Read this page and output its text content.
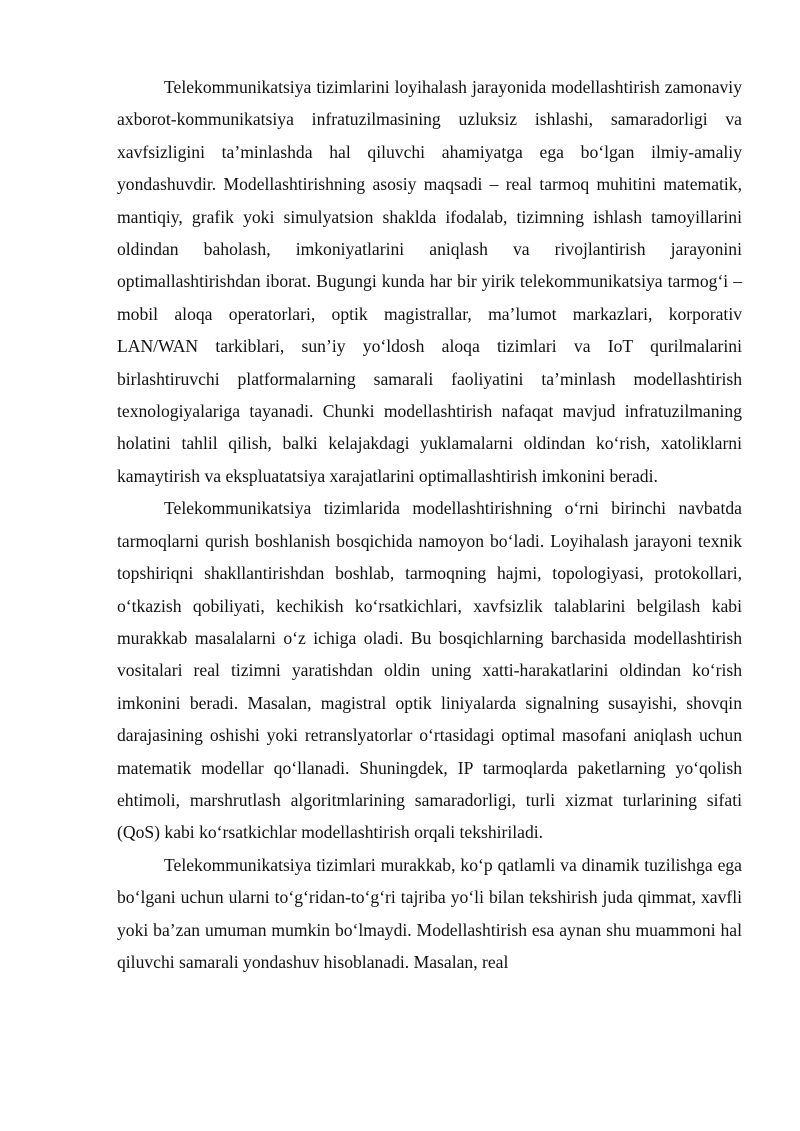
Telekommunikatsiya tizimlarini loyihalash jarayonida modellashtirish zamonaviy axborot-kommunikatsiya infratuzilmasining uzluksiz ishlashi, samaradorligi va xavfsizligini taʼminlashda hal qiluvchi ahamiyatga ega boʻlgan ilmiy-amaliy yondashuvdir. Modellashtirishning asosiy maqsadi – real tarmoq muhitini matematik, mantiqiy, grafik yoki simulyatsion shaklda ifodalab, tizimning ishlash tamoyillarini oldindan baholash, imkoniyatlarini aniqlash va rivojlantirish jarayonini optimallashtirishdan iborat. Bugungi kunda har bir yirik telekommunikatsiya tarmogʻi – mobil aloqa operatorlari, optik magistrallar, maʼlumot markazlari, korporativ LAN/WAN tarkiblari, sunʼiy yoʻldosh aloqa tizimlari va IoT qurilmalarini birlashtiruvchi platformalarning samarali faoliyatini taʼminlash modellashtirish texnologiyalariga tayanadi. Chunki modellashtirish nafaqat mavjud infratuzilmaning holatini tahlil qilish, balki kelajakdagi yuklamalarni oldindan koʻrish, xatoliklarni kamaytirish va ekspluatatsiya xarajatlarini optimallashtirish imkonini beradi.

Telekommunikatsiya tizimlarida modellashtirishning oʻrni birinchi navbatda tarmoqlarni qurish boshlanish bosqichida namoyon boʻladi. Loyihalash jarayoni texnik topshiriqni shakllantirishdan boshlab, tarmoqning hajmi, topologiyasi, protokollari, oʻtkazish qobiliyati, kechikish koʻrsatkichlari, xavfsizlik talablarini belgilash kabi murakkab masalalarni oʻz ichiga oladi. Bu bosqichlarning barchasida modellashtirish vositalari real tizimni yaratishdan oldin uning xatti-harakatlarini oldindan koʻrish imkonini beradi. Masalan, magistral optik liniyalarda signalning susayishi, shovqin darajasining oshishi yoki retranslyatorlar oʻrtasidagi optimal masofani aniqlash uchun matematik modellar qoʻllanadi. Shuningdek, IP tarmoqlarda paketlarning yoʻqolish ehtimoli, marshrutlash algoritmlarining samaradorligi, turli xizmat turlarining sifati (QoS) kabi koʻrsatkichlar modellashtirish orqali tekshiriladi.

Telekommunikatsiya tizimlari murakkab, koʻp qatlamli va dinamik tuzilishga ega boʻlgani uchun ularni toʻgʻridan-toʻgʻri tajriba yoʻli bilan tekshirish juda qimmat, xavfli yoki baʼzan umuman mumkin boʻlmaydi. Modellashtirish esa aynan shu muammoni hal qiluvchi samarali yondashuv hisoblanadi. Masalan, real
